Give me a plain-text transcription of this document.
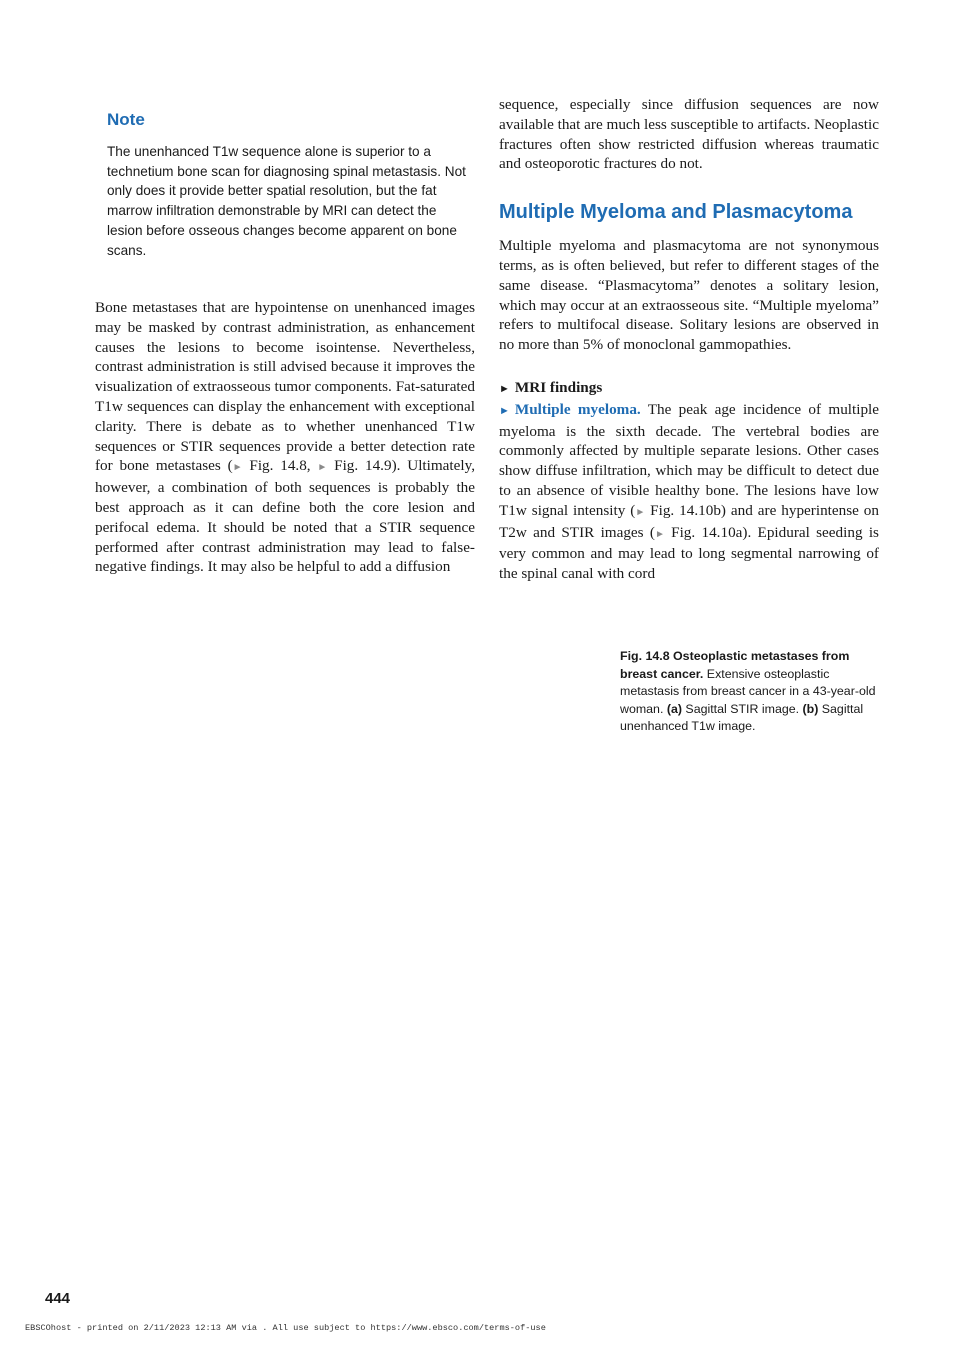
Note

The unenhanced T1w sequence alone is superior to a technetium bone scan for diagnosing spinal metastasis. Not only does it provide better spatial resolution, but the fat marrow infiltration demonstrable by MRI can detect the lesion before osseous changes become apparent on bone scans.

Bone metastases that are hypointense on unenhanced images may be masked by contrast administration, as enhancement causes the lesions to become isointense. Nevertheless, contrast administration is still advised because it improves the visualization of extraosseous tumor components. Fat-saturated T1w sequences can display the enhancement with exceptional clarity. There is debate as to whether unenhanced T1w sequences or STIR sequences provide a better detection rate for bone metastases (► Fig. 14.8, ► Fig. 14.9). Ultimately, however, a combination of both sequences is probably the best approach as it can define both the core lesion and perifocal edema. It should be noted that a STIR sequence performed after contrast administration may lead to false-negative findings. It may also be helpful to add a diffusion

sequence, especially since diffusion sequences are now available that are much less susceptible to artifacts. Neoplastic fractures often show restricted diffusion whereas traumatic and osteoporotic fractures do not.

Multiple Myeloma and Plasmacytoma

Multiple myeloma and plasmacytoma are not synonymous terms, as is often believed, but refer to different stages of the same disease. “Plasmacytoma” denotes a solitary lesion, which may occur at an extraosseous site. “Multiple myeloma” refers to multifocal disease. Solitary lesions are observed in no more than 5% of monoclonal gammopathies.

► MRI findings

► Multiple myeloma. The peak age incidence of multiple myeloma is the sixth decade. The vertebral bodies are commonly affected by multiple separate lesions. Other cases show diffuse infiltration, which may be difficult to detect due to an absence of visible healthy bone. The lesions have low T1w signal intensity (► Fig. 14.10b) and are hyperintense on T2w and STIR images (► Fig. 14.10a). Epidural seeding is very common and may lead to long segmental narrowing of the spinal canal with cord

Fig. 14.8 Osteoplastic metastases from breast cancer. Extensive osteoplastic metastasis from breast cancer in a 43-year-old woman. (a) Sagittal STIR image. (b) Sagittal unenhanced T1w image.

444

EBSCOhost - printed on 2/11/2023 12:13 AM via . All use subject to https://www.ebsco.com/terms-of-use
